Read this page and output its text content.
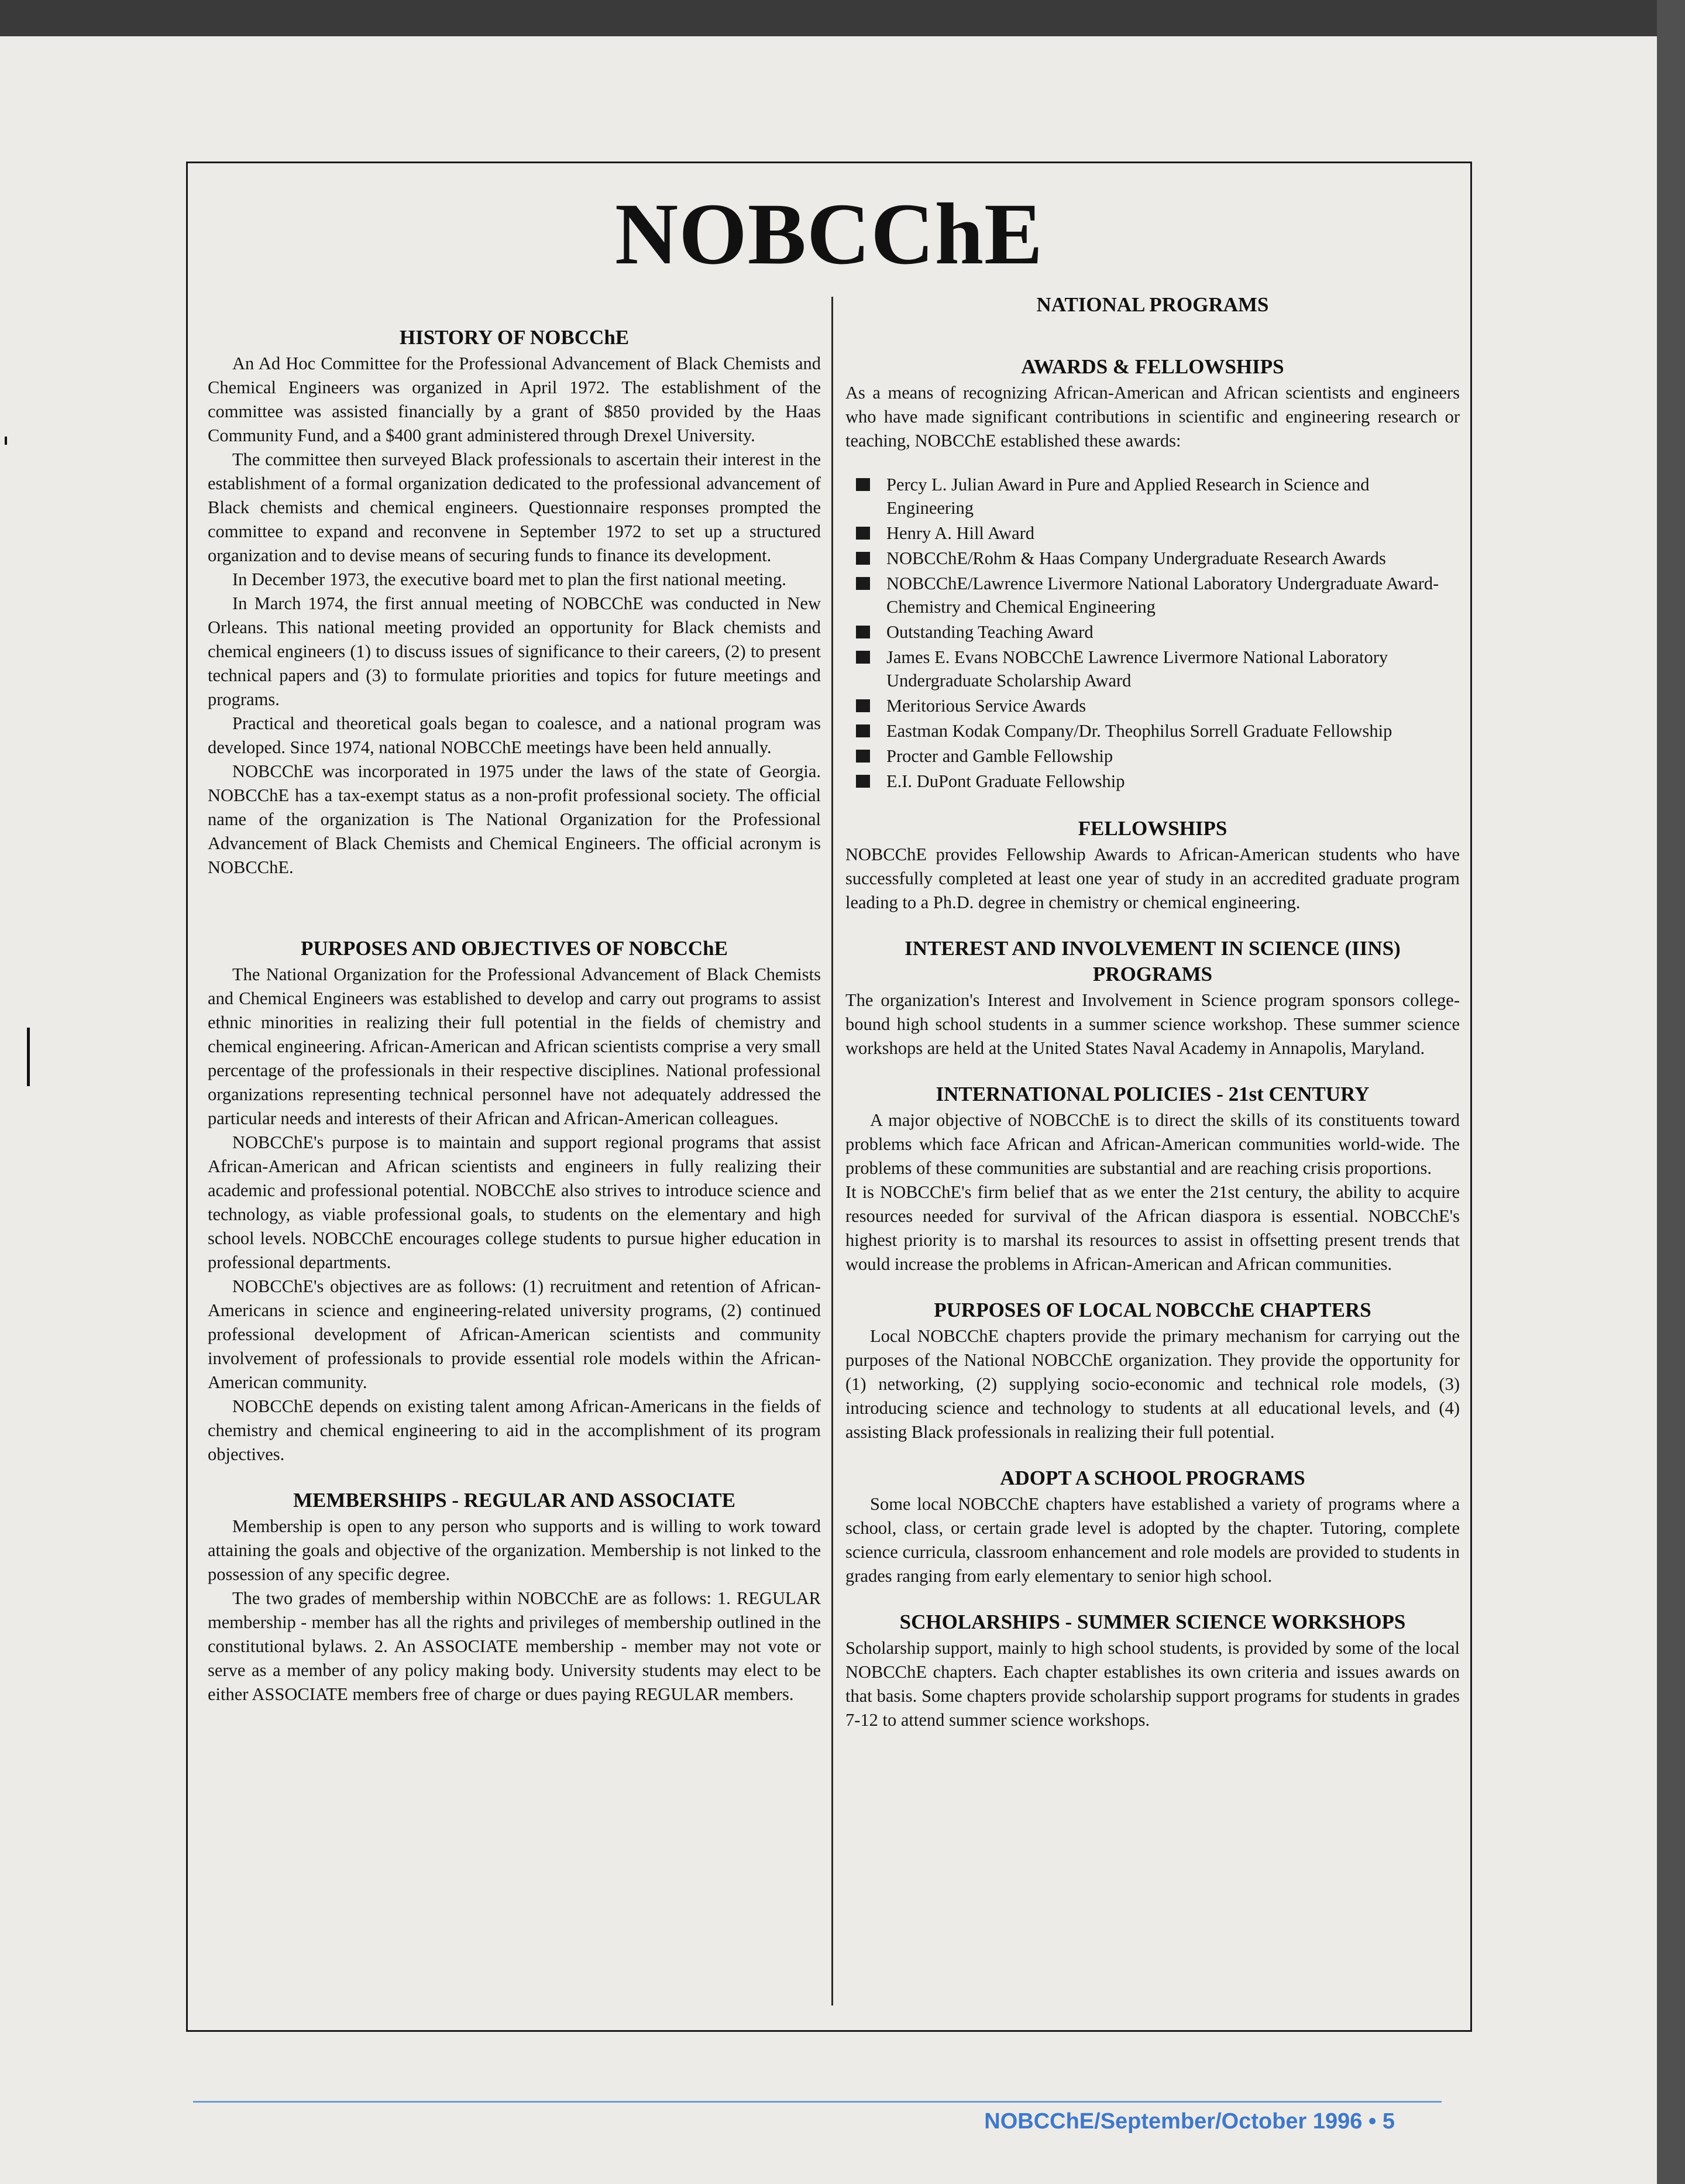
NOBCChE
HISTORY OF NOBCChE

An Ad Hoc Committee for the Professional Advancement of Black Chemists and Chemical Engineers was organized in April 1972. The establishment of the committee was assisted financially by a grant of $850 provided by the Haas Community Fund, and a $400 grant administered through Drexel University.

The committee then surveyed Black professionals to ascertain their interest in the establishment of a formal organization dedicated to the professional advancement of Black chemists and chemical engineers. Questionnaire responses prompted the committee to expand and reconvene in September 1972 to set up a structured organization and to devise means of securing funds to finance its development.

In December 1973, the executive board met to plan the first national meeting.

In March 1974, the first annual meeting of NOBCChE was conducted in New Orleans. This national meeting provided an opportunity for Black chemists and chemical engineers (1) to discuss issues of significance to their careers, (2) to present technical papers and (3) to formulate priorities and topics for future meetings and programs.

Practical and theoretical goals began to coalesce, and a national program was developed. Since 1974, national NOBCChE meetings have been held annually.

NOBCChE was incorporated in 1975 under the laws of the state of Georgia. NOBCChE has a tax-exempt status as a non-profit professional society. The official name of the organization is The National Organization for the Professional Advancement of Black Chemists and Chemical Engineers. The official acronym is NOBCChE.

PURPOSES AND OBJECTIVES OF NOBCChE

The National Organization for the Professional Advancement of Black Chemists and Chemical Engineers was established to develop and carry out programs to assist ethnic minorities in realizing their full potential in the fields of chemistry and chemical engineering. African-American and African scientists comprise a very small percentage of the professionals in their respective disciplines. National professional organizations representing technical personnel have not adequately addressed the particular needs and interests of their African and African-American colleagues.

NOBCChE's purpose is to maintain and support regional programs that assist African-American and African scientists and engineers in fully realizing their academic and professional potential. NOBCChE also strives to introduce science and technology, as viable professional goals, to students on the elementary and high school levels. NOBCChE encourages college students to pursue higher education in professional departments.

NOBCChE's objectives are as follows: (1) recruitment and retention of African-Americans in science and engineering-related university programs, (2) continued professional development of African-American scientists and community involvement of professionals to provide essential role models within the African-American community.

NOBCChE depends on existing talent among African-Americans in the fields of chemistry and chemical engineering to aid in the accomplishment of its program objectives.

MEMBERSHIPS - REGULAR AND ASSOCIATE

Membership is open to any person who supports and is willing to work toward attaining the goals and objective of the organization. Membership is not linked to the possession of any specific degree.

The two grades of membership within NOBCChE are as follows: 1. REGULAR membership - member has all the rights and privileges of membership outlined in the constitutional bylaws. 2. An ASSOCIATE membership - member may not vote or serve as a member of any policy making body. University students may elect to be either ASSOCIATE members free of charge or dues paying REGULAR members.

NATIONAL PROGRAMS
AWARDS & FELLOWSHIPS

As a means of recognizing African-American and African scientists and engineers who have made significant contributions in scientific and engineering research or teaching, NOBCChE established these awards:

Percy L. Julian Award in Pure and Applied Research in Science and Engineering
Henry A. Hill Award
NOBCChE/Rohm & Haas Company Undergraduate Research Awards
NOBCChE/Lawrence Livermore National Laboratory Undergraduate Award-Chemistry and Chemical Engineering
Outstanding Teaching Award
James E. Evans NOBCChE Lawrence Livermore National Laboratory Undergraduate Scholarship Award
Meritorious Service Awards
Eastman Kodak Company/Dr. Theophilus Sorrell Graduate Fellowship
Procter and Gamble Fellowship
E.I. DuPont Graduate Fellowship
FELLOWSHIPS

NOBCChE provides Fellowship Awards to African-American students who have successfully completed at least one year of study in an accredited graduate program leading to a Ph.D. degree in chemistry or chemical engineering.

INTEREST AND INVOLVEMENT IN SCIENCE (IINS) PROGRAMS

The organization's Interest and Involvement in Science program sponsors college-bound high school students in a summer science workshop. These summer science workshops are held at the United States Naval Academy in Annapolis, Maryland.

INTERNATIONAL POLICIES - 21st CENTURY

A major objective of NOBCChE is to direct the skills of its constituents toward problems which face African and African-American communities world-wide. The problems of these communities are substantial and are reaching crisis proportions.

It is NOBCChE's firm belief that as we enter the 21st century, the ability to acquire resources needed for survival of the African diaspora is essential. NOBCChE's highest priority is to marshal its resources to assist in offsetting present trends that would increase the problems in African-American and African communities.

PURPOSES OF LOCAL NOBCChE CHAPTERS

Local NOBCChE chapters provide the primary mechanism for carrying out the purposes of the National NOBCChE organization. They provide the opportunity for (1) networking, (2) supplying socio-economic and technical role models, (3) introducing science and technology to students at all educational levels, and (4) assisting Black professionals in realizing their full potential.

ADOPT A SCHOOL PROGRAMS

Some local NOBCChE chapters have established a variety of programs where a school, class, or certain grade level is adopted by the chapter. Tutoring, complete science curricula, classroom enhancement and role models are provided to students in grades ranging from early elementary to senior high school.

SCHOLARSHIPS - SUMMER SCIENCE WORKSHOPS

Scholarship support, mainly to high school students, is provided by some of the local NOBCChE chapters. Each chapter establishes its own criteria and issues awards on that basis. Some chapters provide scholarship support programs for students in grades 7-12 to attend summer science workshops.

NOBCChE/September/October 1996 • 5
